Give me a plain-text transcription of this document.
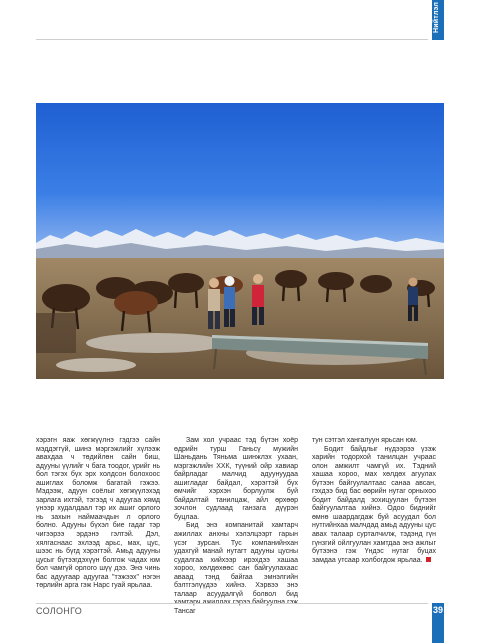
Нийтлэл

хэрэгн яаж хөгжүүлнэ гэдгээ сайн мэддэггүй, шинэ мэргэжлийг хүлээж аваxдаа ч төдийлөн сайн биш, адууны үүлийг ч бага тоодог, үрийг нь бол тэгэх бүх эрх холдсон болохоос ашиглах боломж багатай гэжээ. Мэдээж, адуун соёлыг хөгжүүлэхэд зарлага ихтэй, тэгээд ч адуугаа хямд үнээр худалдаал тэр их ашиг орлого нь захын наймаачдын л орлого болно. Адууны бүхэл бие гадаг тэр чигээрээ эрдэнэ гэлтэй. Дэл, хялгаснаас эхлээд арьс, мах, цус, шээс нь бүгд хэрэгтэй. Амьд адууны цусыг бүтээгдэхүүн болгож чадах юм бол чамгүй орлого шүү дээ. Энэ чинь бас адуугаар адуугаа "тэжээх" нэгэн төрлийн арга гэж Нарс гуай ярьлаа.

Зам хол учраас тэд бүтэн хоёр өдрийн турш Ганьсү мужийн Шаньдань Тяньма шинжлэх ухаан, мэргэжлийн ХХК, түүний ойр хавиар байрладаг малчид адуунуудаа ашигладаг байдал, хэрэгтэй бүх өмчийг хэрхэн борлуулж буй байдалтай танилцаж, айл өрхөөр зочлон судлаад ганзага дүүрэн буцлаа.

Бид энэ компанитай хамтарч ажиллах анхны хэлэлцээрт гарын үсэг зурсан. Тус компанийнхан удахгүй манай нутагт адууны цусны судалгаа хийхээр ирэхдээ хашаа хороо, хөлдөхөөс сан байгуулахаас аваад тэнд байгаа эмнэлгийн бэлтгэлүүдээ хийнэ. Хэрвээ энэ талаар асуудалгүй болвол бид Тансаг

тун сэтгэл хангалуун ярьсан юм.

Бодит байдлыг нүдээрээ үзэж харийн тодорхой танилцан учраас олон амжилт чамгүй их. Тэдний хашаа хороо, мах хөлдөх агуулах бүтээн байгуулалтаас санаа авсан, гэхдээ бид бас өөрийн нутаг орныхоо бодит байдалд зохицуулан бүтээн байгуулалтаа хийнэ. Одоо биднийг өмнө шаардагдаж буй асуудал бол нутгийнхаа малчдад амьд адууны цус авах талаар сурталчилж, тэдэнд гүн гүнзгий ойлгуулан хамтдаа энэ ажлыг бүтээнэ гэж Үндэс нутаг буцах замдаа утсаар холбогдож ярьлаа.

СОЛОНГО	39
